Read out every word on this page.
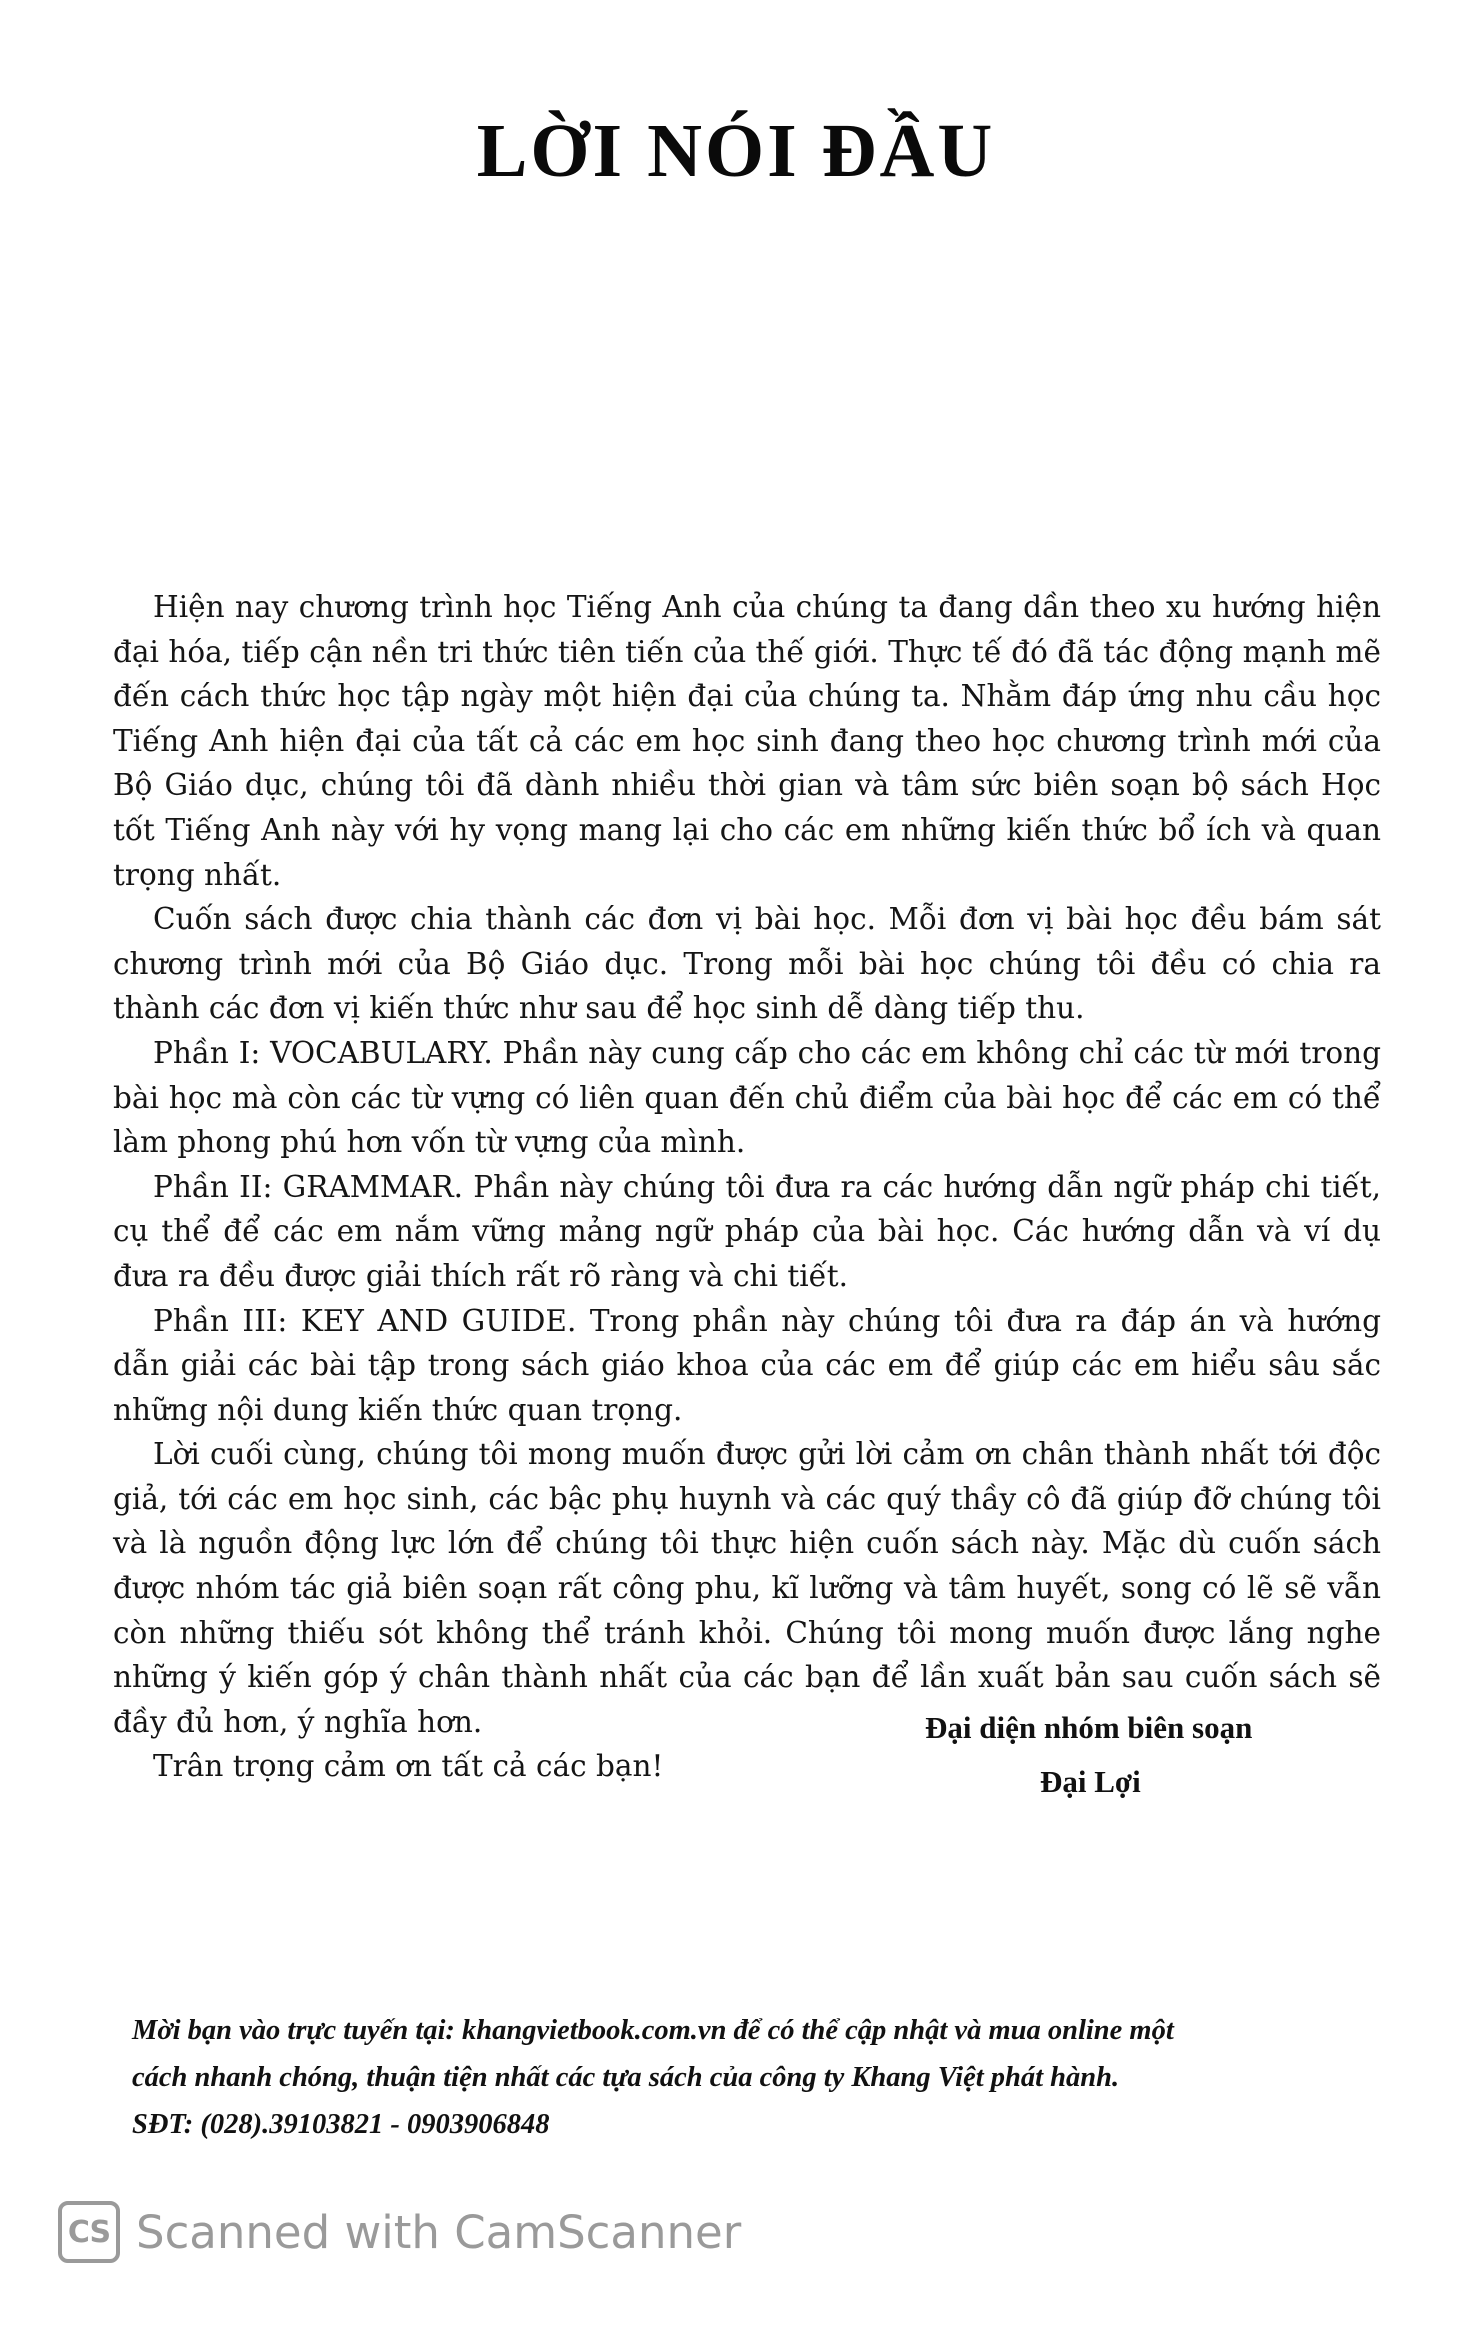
LỜI NÓI ĐẦU

Hiện nay chương trình học Tiếng Anh của chúng ta đang dần theo xu hướng hiện đại hóa, tiếp cận nền tri thức tiên tiến của thế giới. Thực tế đó đã tác động mạnh mẽ đến cách thức học tập ngày một hiện đại của chúng ta. Nhằm đáp ứng nhu cầu học Tiếng Anh hiện đại của tất cả các em học sinh đang theo học chương trình mới của Bộ Giáo dục, chúng tôi đã dành nhiều thời gian và tâm sức biên soạn bộ sách Học tốt Tiếng Anh này với hy vọng mang lại cho các em những kiến thức bổ ích và quan trọng nhất.

Cuốn sách được chia thành các đơn vị bài học. Mỗi đơn vị bài học đều bám sát chương trình mới của Bộ Giáo dục. Trong mỗi bài học chúng tôi đều có chia ra thành các đơn vị kiến thức như sau để học sinh dễ dàng tiếp thu.

Phần I: VOCABULARY. Phần này cung cấp cho các em không chỉ các từ mới trong bài học mà còn các từ vựng có liên quan đến chủ điểm của bài học để các em có thể làm phong phú hơn vốn từ vựng của mình.

Phần II: GRAMMAR. Phần này chúng tôi đưa ra các hướng dẫn ngữ pháp chi tiết, cụ thể để các em nắm vững mảng ngữ pháp của bài học. Các hướng dẫn và ví dụ đưa ra đều được giải thích rất rõ ràng và chi tiết.

Phần III: KEY AND GUIDE. Trong phần này chúng tôi đưa ra đáp án và hướng dẫn giải các bài tập trong sách giáo khoa của các em để giúp các em hiểu sâu sắc những nội dung kiến thức quan trọng.

Lời cuối cùng, chúng tôi mong muốn được gửi lời cảm ơn chân thành nhất tới độc giả, tới các em học sinh, các bậc phụ huynh và các quý thầy cô đã giúp đỡ chúng tôi và là nguồn động lực lớn để chúng tôi thực hiện cuốn sách này. Mặc dù cuốn sách được nhóm tác giả biên soạn rất công phu, kĩ lưỡng và tâm huyết, song có lẽ sẽ vẫn còn những thiếu sót không thể tránh khỏi. Chúng tôi mong muốn được lắng nghe những ý kiến góp ý chân thành nhất của các bạn để lần xuất bản sau cuốn sách sẽ đầy đủ hơn, ý nghĩa hơn.

Trân trọng cảm ơn tất cả các bạn!

Đại diện nhóm biên soạn
Đại Lợi
Mời bạn vào trực tuyến tại: khangvietbook.com.vn để có thể cập nhật và mua online một
cách nhanh chóng, thuận tiện nhất các tựa sách của công ty Khang Việt phát hành.
SĐT: (028).39103821 - 0903906848
CS Scanned with CamScanner
